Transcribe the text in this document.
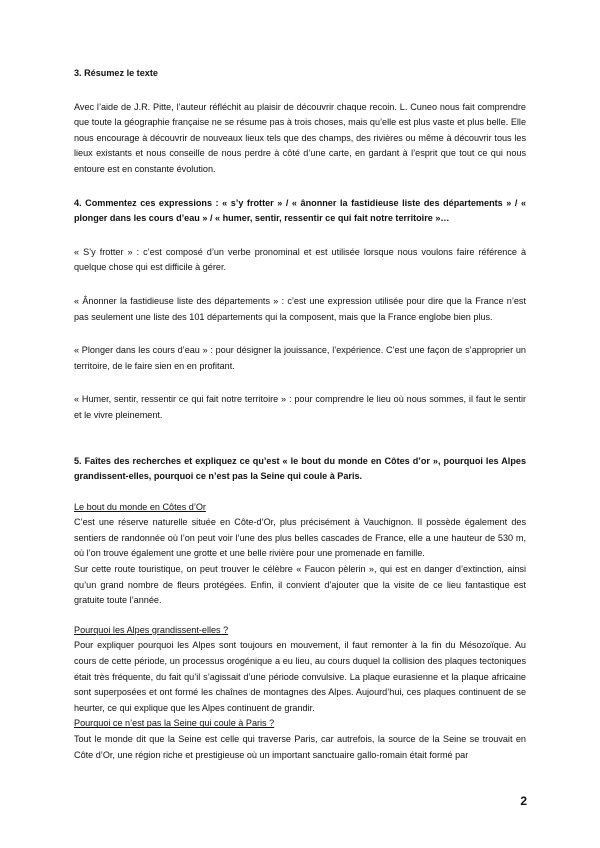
3. Résumez le texte

Avec l’aide de J.R. Pitte, l’auteur réfléchit au plaisir de découvrir chaque recoin. L. Cuneo nous fait comprendre que toute la géographie française ne se résume pas à trois choses, mais qu’elle est plus vaste et plus belle. Elle nous encourage à découvrir de nouveaux lieux tels que des champs, des rivières ou même à découvrir tous les lieux existants et nous conseille de nous perdre à côté d’une carte, en gardant à l’esprit que tout ce qui nous entoure est en constante évolution.

4. Commentez ces expressions : « s’y frotter » / « ânonner la fastidieuse liste des départements » / « plonger dans les cours d’eau » / « humer, sentir, ressentir ce qui fait notre territoire »…

« S’y frotter » : c’est composé d’un verbe pronominal et est utilisée lorsque nous voulons faire référence à quelque chose qui est difficile à gérer.

« Ânonner la fastidieuse liste des départements » : c’est une expression utilisée pour dire que la France n’est pas seulement une liste des 101 départements qui la composent, mais que la France englobe bien plus.

« Plonger dans les cours d’eau » : pour désigner la jouissance, l’expérience. C’est une façon de s’approprier un territoire, de le faire sien en en profitant.

« Humer, sentir, ressentir ce qui fait notre territoire » : pour comprendre le lieu où nous sommes, il faut le sentir et le vivre pleinement.

5. Faîtes des recherches et expliquez ce qu’est « le bout du monde en Côtes d’or », pourquoi les Alpes grandissent-elles, pourquoi ce n’est pas la Seine qui coule à Paris.

Le bout du monde en Côtes d’Or

C’est une réserve naturelle située en Côte-d’Or, plus précisément à Vauchignon. Il possède également des sentiers de randonnée où l’on peut voir l’une des plus belles cascades de France, elle a une hauteur de 530 m, où l’on trouve également une grotte et une belle rivière pour une promenade en famille.

Sur cette route touristique, on peut trouver le célèbre « Faucon pèlerin », qui est en danger d’extinction, ainsi qu’un grand nombre de fleurs protégées. Enfin, il convient d’ajouter que la visite de ce lieu fantastique est gratuite toute l’année.

Pourquoi les Alpes grandissent-elles ?

Pour expliquer pourquoi les Alpes sont toujours en mouvement, il faut remonter à la fin du Mésozoïque. Au cours de cette période, un processus orogénique a eu lieu, au cours duquel la collision des plaques tectoniques était très fréquente, du fait qu’il s’agissait d’une période convulsive. La plaque eurasienne et la plaque africaine sont superposées et ont formé les chaînes de montagnes des Alpes. Aujourd’hui, ces plaques continuent de se heurter, ce qui explique que les Alpes continuent de grandir.

Pourquoi ce n’est pas la Seine qui coule à Paris ?

Tout le monde dit que la Seine est celle qui traverse Paris, car autrefois, la source de la Seine se trouvait en Côte d’Or, une région riche et prestigieuse où un important sanctuaire gallo-romain était formé par

2
